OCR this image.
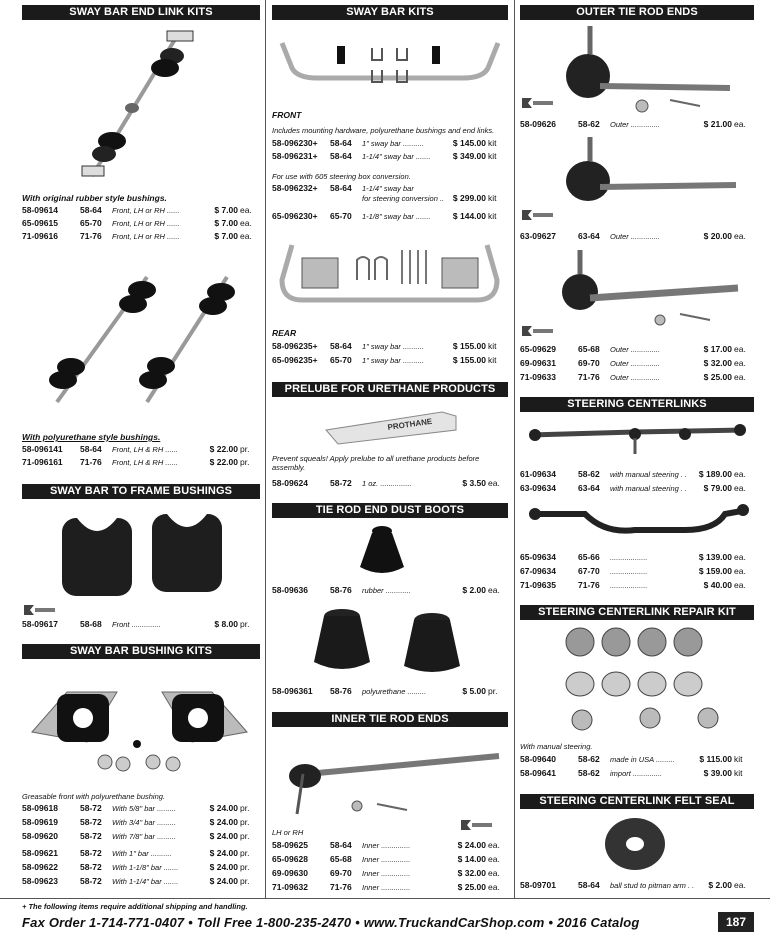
SWAY BAR END LINK KITS
With original rubber style bushings.
58-09614	58-64 Front, LH or RH ......	$ 7.00 ea.
65-09615	65-70 Front, LH or RH ......	$ 7.00 ea.
71-09616	71-76 Front, LH or RH ......	$ 7.00 ea.
With polyurethane style bushings.
58-096141 58-64 Front, LH & RH ......	$ 22.00 pr.
71-096161 71-76 Front, LH & RH ......	$ 22.00 pr.
SWAY BAR TO FRAME BUSHINGS
58-09617	58-68 Front ..............	$ 8.00 pr.
SWAY BAR BUSHING KITS
Greasable front with polyurethane bushing.
58-09618	58-72 With 5/8" bar .........	$ 24.00 pr.
58-09619	58-72 With 3/4" bar .........	$ 24.00 pr.
58-09620	58-72 With 7/8" bar .........	$ 24.00 pr.
58-09621	58-72 With 1" bar ..........	$ 24.00 pr.
58-09622	58-72 With 1-1/8" bar .......	$ 24.00 pr.
58-09623	58-72 With 1-1/4" bar .......	$ 24.00 pr.
SWAY BAR KITS
FRONT
Includes mounting hardware, polyurethane bushings and end links.
58-096230+ 58-64 1" sway bar ..........	$ 145.00 kit
58-096231+ 58-64 1-1/4" sway bar .......	$ 349.00 kit
For use with 605 steering box conversion.
58-096232+ 58-64 1-1/4" sway bar
for steering conversion .. $ 299.00 kit
65-096230+ 65-70 1-1/8" sway bar .......	$ 144.00 kit
REAR
58-096235+ 58-64 1" sway bar ..........	$ 155.00 kit
65-096235+ 65-70 1" sway bar ..........	$ 155.00 kit
PRELUBE FOR URETHANE PRODUCTS
PROTHANE
Prevent squeals! Apply prelube to all urethane products before assembly.
58-09624	58-72 1 oz. ...............	$ 3.50 ea.
TIE ROD END DUST BOOTS
58-09636	58-76 rubber ............	$ 2.00 ea.
58-096361 58-76 polyurethane .........	$ 5.00 pr.
INNER TIE ROD ENDS
LH or RH
58-09625	58-64 Inner ..............	$ 24.00 ea.
65-09628	65-68 Inner ..............	$ 14.00 ea.
69-09630	69-70 Inner ..............	$ 32.00 ea.
71-09632	71-76 Inner ..............	$ 25.00 ea.
OUTER TIE ROD ENDS
58-09626	58-62 Outer ..............	$ 21.00 ea.
63-09627	63-64 Outer ..............	$ 20.00 ea.
65-09629	65-68 Outer ..............	$ 17.00 ea.
69-09631	69-70 Outer ..............	$ 32.00 ea.
71-09633	71-76 Outer ..............	$ 25.00 ea.
STEERING CENTERLINKS
61-09634	58-62 with manual steering . . $ 189.00 ea.
63-09634	63-64 with manual steering . . $ 79.00 ea.
65-09634	65-66 ..................	$ 139.00 ea.
67-09634	67-70 ..................	$ 159.00 ea.
71-09635	71-76 ..................	$ 40.00 ea.
STEERING CENTERLINK REPAIR KIT
With manual steering.
58-09640	58-62 made in USA .........	$ 115.00 kit
58-09641	58-62 import ..............	$ 39.00 kit
STEERING CENTERLINK FELT SEAL
58-09701	58-64 ball stud to pitman arm . . $ 2.00 ea.
+ The following items require additional shipping and handling.
Fax Order 1-714-771-0407 • Toll Free 1-800-235-2470 • www.TruckandCarShop.com • 2016 Catalog	187
